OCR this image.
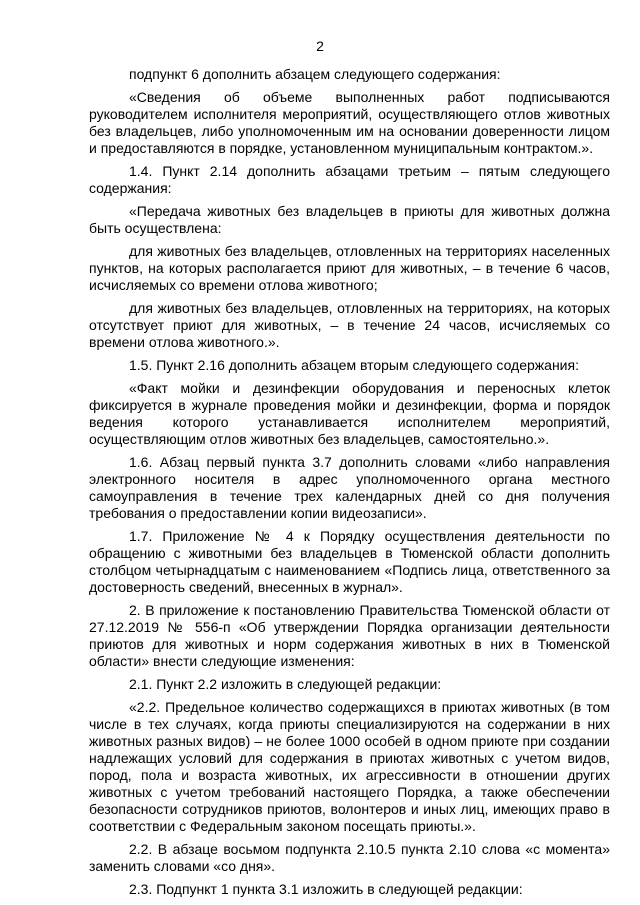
2

подпункт 6 дополнить абзацем следующего содержания:

«Сведения об объеме выполненных работ подписываются руководителем исполнителя мероприятий, осуществляющего отлов животных без владельцев, либо уполномоченным им на основании доверенности лицом и предоставляются в порядке, установленном муниципальным контрактом.».

1.4. Пункт 2.14 дополнить абзацами третьим – пятым следующего содержания:

«Передача животных без владельцев в приюты для животных должна быть осуществлена:

для животных без владельцев, отловленных на территориях населенных пунктов, на которых располагается приют для животных, – в течение 6 часов, исчисляемых со времени отлова животного;

для животных без владельцев, отловленных на территориях, на которых отсутствует приют для животных, – в течение 24 часов, исчисляемых со времени отлова животного.».

1.5. Пункт 2.16 дополнить абзацем вторым следующего содержания:

«Факт мойки и дезинфекции оборудования и переносных клеток фиксируется в журнале проведения мойки и дезинфекции, форма и порядок ведения которого устанавливается исполнителем мероприятий, осуществляющим отлов животных без владельцев, самостоятельно.».

1.6. Абзац первый пункта 3.7 дополнить словами «либо направления электронного носителя в адрес уполномоченного органа местного самоуправления в течение трех календарных дней со дня получения требования о предоставлении копии видеозаписи».

1.7. Приложение № 4 к Порядку осуществления деятельности по обращению с животными без владельцев в Тюменской области дополнить столбцом четырнадцатым с наименованием «Подпись лица, ответственного за достоверность сведений, внесенных в журнал».

2. В приложение к постановлению Правительства Тюменской области от 27.12.2019 № 556-п «Об утверждении Порядка организации деятельности приютов для животных и норм содержания животных в них в Тюменской области» внести следующие изменения:

2.1. Пункт 2.2 изложить в следующей редакции:

«2.2. Предельное количество содержащихся в приютах животных (в том числе в тех случаях, когда приюты специализируются на содержании в них животных разных видов) – не более 1000 особей в одном приюте при создании надлежащих условий для содержания в приютах животных с учетом видов, пород, пола и возраста животных, их агрессивности в отношении других животных с учетом требований настоящего Порядка, а также обеспечении безопасности сотрудников приютов, волонтеров и иных лиц, имеющих право в соответствии с Федеральным законом посещать приюты.».

2.2. В абзаце восьмом подпункта 2.10.5 пункта 2.10 слова «с момента» заменить словами «со дня».

2.3. Подпункт 1 пункта 3.1 изложить в следующей редакции:
